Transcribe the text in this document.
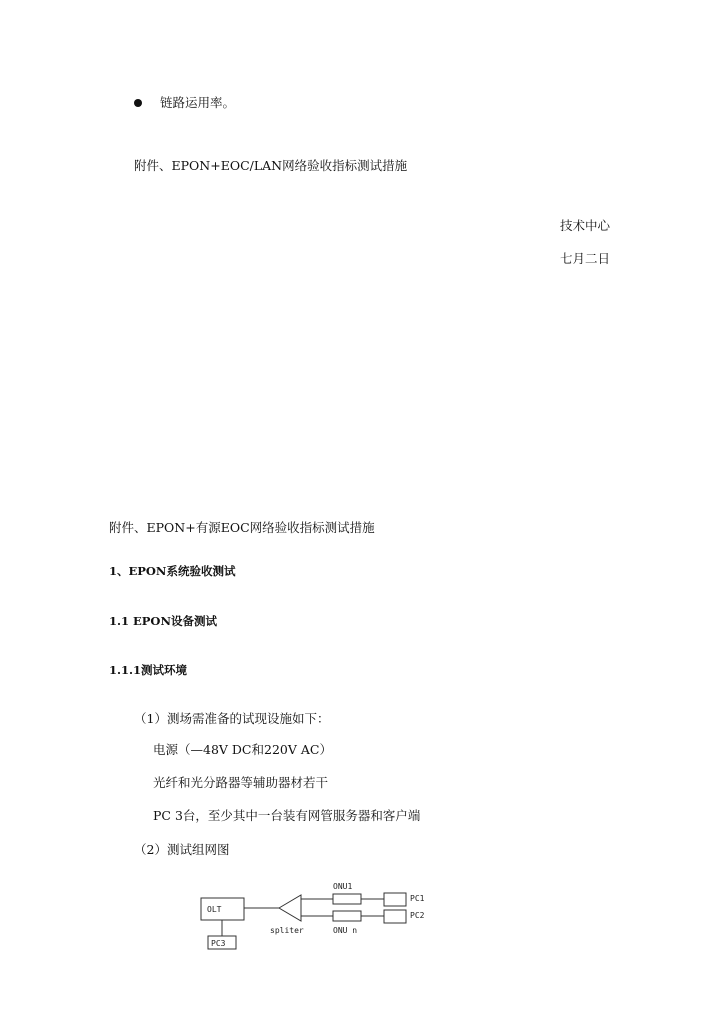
链路运用率。
附件、EPON+EOC/LAN网络验收指标测试措施
技术中心
七月二日
附件、EPON+有源EOC网络验收指标测试措施
1、EPON系统验收测试
1.1 EPON设备测试
1.1.1测试环境
（1）测场需准备的试现设施如下：
电源（—48V DC和220V AC）
光纤和光分路器等辅助器材若干
PC 3台，至少其中一台装有网管服务器和客户端
（2）测试组网图
OLT
PC3
spliter
ONU1
ONU n
PC1
PC2
